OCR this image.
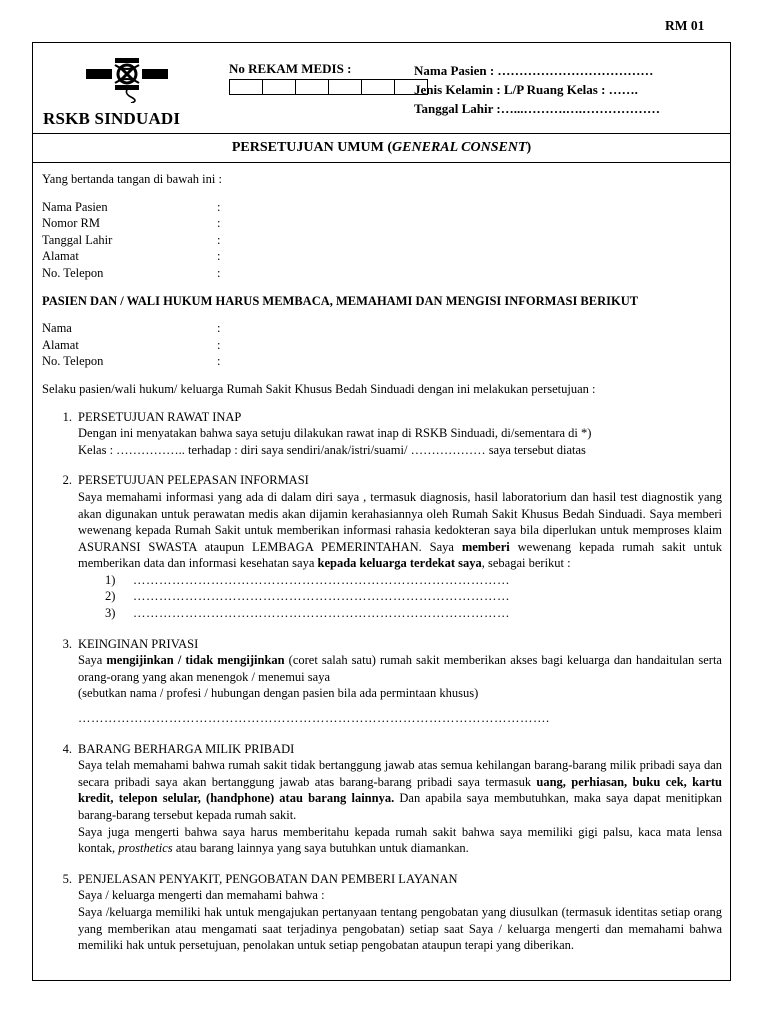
RM 01
RSKB SINDUADI
No REKAM MEDIS :	Nama Pasien : ………………………………
Jenis Kelamin : L/P Ruang Kelas : …….
Tanggal Lahir :…...……….….………………
PERSETUJUAN UMUM (GENERAL CONSENT)

Yang bertanda tangan di bawah ini :

Nama Pasien	:
Nomor RM	:
Tanggal Lahir	:
Alamat	:
No. Telepon	:

PASIEN DAN / WALI HUKUM HARUS MEMBACA, MEMAHAMI DAN MENGISI INFORMASI BERIKUT

Nama	:
Alamat	:
No. Telepon	:

Selaku pasien/wali hukum/ keluarga Rumah Sakit Khusus Bedah Sinduadi dengan ini melakukan persetujuan :

1. PERSETUJUAN RAWAT INAP
Dengan ini menyatakan bahwa saya setuju dilakukan rawat inap di RSKB Sinduadi, di/sementara di *)
Kelas : …………….. terhadap : diri saya sendiri/anak/istri/suami/ ……………… saya tersebut diatas
2. PERSETUJUAN PELEPASAN INFORMASI
Saya memahami informasi yang ada di dalam diri saya , termasuk diagnosis, hasil laboratorium dan hasil test diagnostik yang akan digunakan untuk perawatan medis akan dijamin kerahasiannya oleh Rumah Sakit Khusus Bedah Sinduadi. Saya memberi wewenang kepada Rumah Sakit untuk memberikan informasi rahasia kedokteran saya bila diperlukan untuk memproses klaim ASURANSI SWASTA ataupun LEMBAGA PEMERINTAHAN. Saya memberi wewenang kepada rumah sakit untuk memberikan data dan informasi kesehatan saya kepada keluarga terdekat saya, sebagai berikut :
1)	……………………………………………………………………………
2)	……………………………………………………………………………
3)	……………………………………………………………………………
3. KEINGINAN PRIVASI
Saya mengijinkan / tidak mengijinkan (coret salah satu) rumah sakit memberikan akses bagi keluarga dan handaitulan serta orang-orang yang akan menengok / menemui saya
(sebutkan nama / profesi / hubungan dengan pasien bila ada permintaan khusus)
……………………………………………………………………………………………….
4. BARANG BERHARGA MILIK PRIBADI
Saya telah memahami bahwa rumah sakit tidak bertanggung jawab atas semua kehilangan barang-barang milik pribadi saya dan secara pribadi saya akan bertanggung jawab atas barang-barang pribadi saya termasuk uang, perhiasan, buku cek, kartu kredit, telepon selular, (handphone) atau barang lainnya. Dan apabila saya membutuhkan, maka saya dapat menitipkan barang-barang tersebut kepada rumah sakit.
Saya juga mengerti bahwa saya harus memberitahu kepada rumah sakit bahwa saya memiliki gigi palsu, kaca mata lensa kontak, prosthetics atau barang lainnya yang saya butuhkan untuk diamankan.
5. PENJELASAN PENYAKIT, PENGOBATAN DAN PEMBERI LAYANAN
Saya / keluarga mengerti dan memahami bahwa :
Saya /keluarga memiliki hak untuk mengajukan pertanyaan tentang pengobatan yang diusulkan (termasuk identitas setiap orang yang memberikan atau mengamati saat terjadinya pengobatan) setiap saat Saya / keluarga mengerti dan memahami bahwa memiliki hak untuk persetujuan, penolakan untuk setiap pengobatan ataupun terapi yang diberikan.
